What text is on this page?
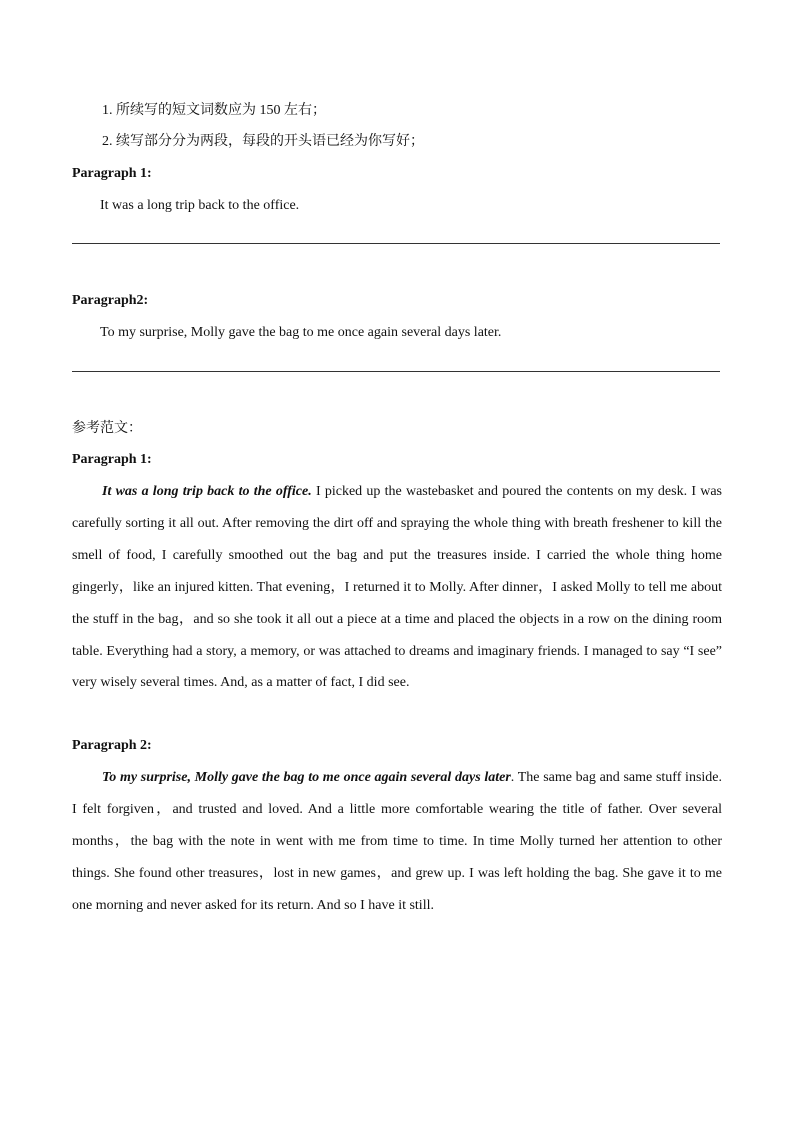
1. 所续写的短文词数应为 150 左右；
2. 续写部分分为两段，每段的开头语已经为你写好；
Paragraph 1:
It was a long trip back to the office.
Paragraph2:
To my surprise, Molly gave the bag to me once again several days later.
参考范文：
Paragraph 1:

It was a long trip back to the office. I picked up the wastebasket and poured the contents on my desk. I was carefully sorting it all out. After removing the dirt off and spraying the whole thing with breath freshener to kill the smell of food, I carefully smoothed out the bag and put the treasures inside. I carried the whole thing home gingerly，like an injured kitten. That evening，I returned it to Molly. After dinner，I asked Molly to tell me about the stuff in the bag，and so she took it all out a piece at a time and placed the objects in a row on the dining room table. Everything had a story, a memory, or was attached to dreams and imaginary friends. I managed to say “I see” very wisely several times. And, as a matter of fact, I did see.

Paragraph 2:

To my surprise, Molly gave the bag to me once again several days later. The same bag and same stuff inside. I felt forgiven，and trusted and loved. And a little more comfortable wearing the title of father. Over several months，the bag with the note in went with me from time to time. In time Molly turned her attention to other things. She found other treasures，lost in new games，and grew up. I was left holding the bag. She gave it to me one morning and never asked for its return. And so I have it still.
